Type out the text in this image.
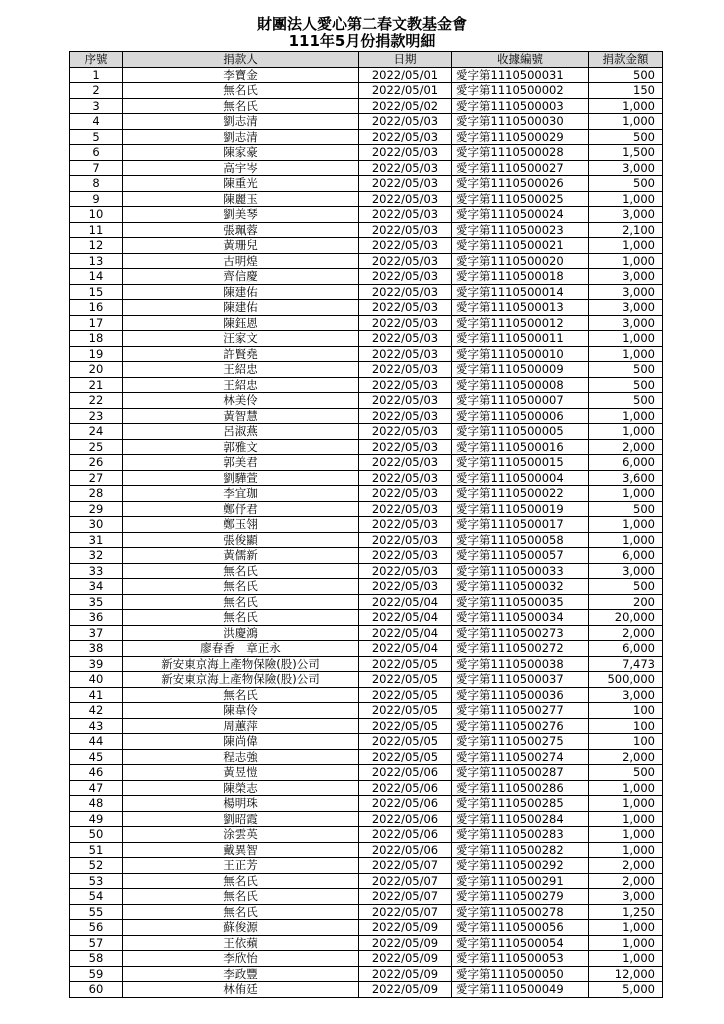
財團法人愛心第二春文教基金會
111年5月份捐款明細
序號	捐款人	日期	收據編號	捐款金額
1	李寶金	2022/05/01	愛字第1110500031	500
2	無名氏	2022/05/01	愛字第1110500002	150
3	無名氏	2022/05/02	愛字第1110500003	1,000
4	劉志清	2022/05/03	愛字第1110500030	1,000
5	劉志清	2022/05/03	愛字第1110500029	500
6	陳家豪	2022/05/03	愛字第1110500028	1,500
7	高宇岑	2022/05/03	愛字第1110500027	3,000
8	陳重光	2022/05/03	愛字第1110500026	500
9	陳麗玉	2022/05/03	愛字第1110500025	1,000
10	劉美琴	2022/05/03	愛字第1110500024	3,000
11	張珮蓉	2022/05/03	愛字第1110500023	2,100
12	黃珊兒	2022/05/03	愛字第1110500021	1,000
13	古明煌	2022/05/03	愛字第1110500020	1,000
14	齊信慶	2022/05/03	愛字第1110500018	3,000
15	陳建佑	2022/05/03	愛字第1110500014	3,000
16	陳建佑	2022/05/03	愛字第1110500013	3,000
17	陳鈺恩	2022/05/03	愛字第1110500012	3,000
18	汪家文	2022/05/03	愛字第1110500011	1,000
19	許賢堯	2022/05/03	愛字第1110500010	1,000
20	王紹忠	2022/05/03	愛字第1110500009	500
21	王紹忠	2022/05/03	愛字第1110500008	500
22	林美伶	2022/05/03	愛字第1110500007	500
23	黃智慧	2022/05/03	愛字第1110500006	1,000
24	呂淑燕	2022/05/03	愛字第1110500005	1,000
25	郭雅文	2022/05/03	愛字第1110500016	2,000
26	郭美君	2022/05/03	愛字第1110500015	6,000
27	劉驊萱	2022/05/03	愛字第1110500004	3,600
28	李宜珈	2022/05/03	愛字第1110500022	1,000
29	鄭伃君	2022/05/03	愛字第1110500019	500
30	鄭玉翎	2022/05/03	愛字第1110500017	1,000
31	張俊顯	2022/05/03	愛字第1110500058	1,000
32	黃儒新	2022/05/03	愛字第1110500057	6,000
33	無名氏	2022/05/03	愛字第1110500033	3,000
34	無名氏	2022/05/03	愛字第1110500032	500
35	無名氏	2022/05/04	愛字第1110500035	200
36	無名氏	2022/05/04	愛字第1110500034	20,000
37	洪慶鴻	2022/05/04	愛字第1110500273	2,000
38	廖春香　章正永	2022/05/04	愛字第1110500272	6,000
39	新安東京海上產物保險(股)公司	2022/05/05	愛字第1110500038	7,473
40	新安東京海上產物保險(股)公司	2022/05/05	愛字第1110500037	500,000
41	無名氏	2022/05/05	愛字第1110500036	3,000
42	陳韋伶	2022/05/05	愛字第1110500277	100
43	周蕙萍	2022/05/05	愛字第1110500276	100
44	陳尚偉	2022/05/05	愛字第1110500275	100
45	程志強	2022/05/05	愛字第1110500274	2,000
46	黃昱愷	2022/05/06	愛字第1110500287	500
47	陳榮志	2022/05/06	愛字第1110500286	1,000
48	楊明珠	2022/05/06	愛字第1110500285	1,000
49	劉昭霞	2022/05/06	愛字第1110500284	1,000
50	涂雲英	2022/05/06	愛字第1110500283	1,000
51	戴異智	2022/05/06	愛字第1110500282	1,000
52	王正芳	2022/05/07	愛字第1110500292	2,000
53	無名氏	2022/05/07	愛字第1110500291	2,000
54	無名氏	2022/05/07	愛字第1110500279	3,000
55	無名氏	2022/05/07	愛字第1110500278	1,250
56	蘇俊源	2022/05/09	愛字第1110500056	1,000
57	王依蘋	2022/05/09	愛字第1110500054	1,000
58	李欣怡	2022/05/09	愛字第1110500053	1,000
59	李政豐	2022/05/09	愛字第1110500050	12,000
60	林侑廷	2022/05/09	愛字第1110500049	5,000
